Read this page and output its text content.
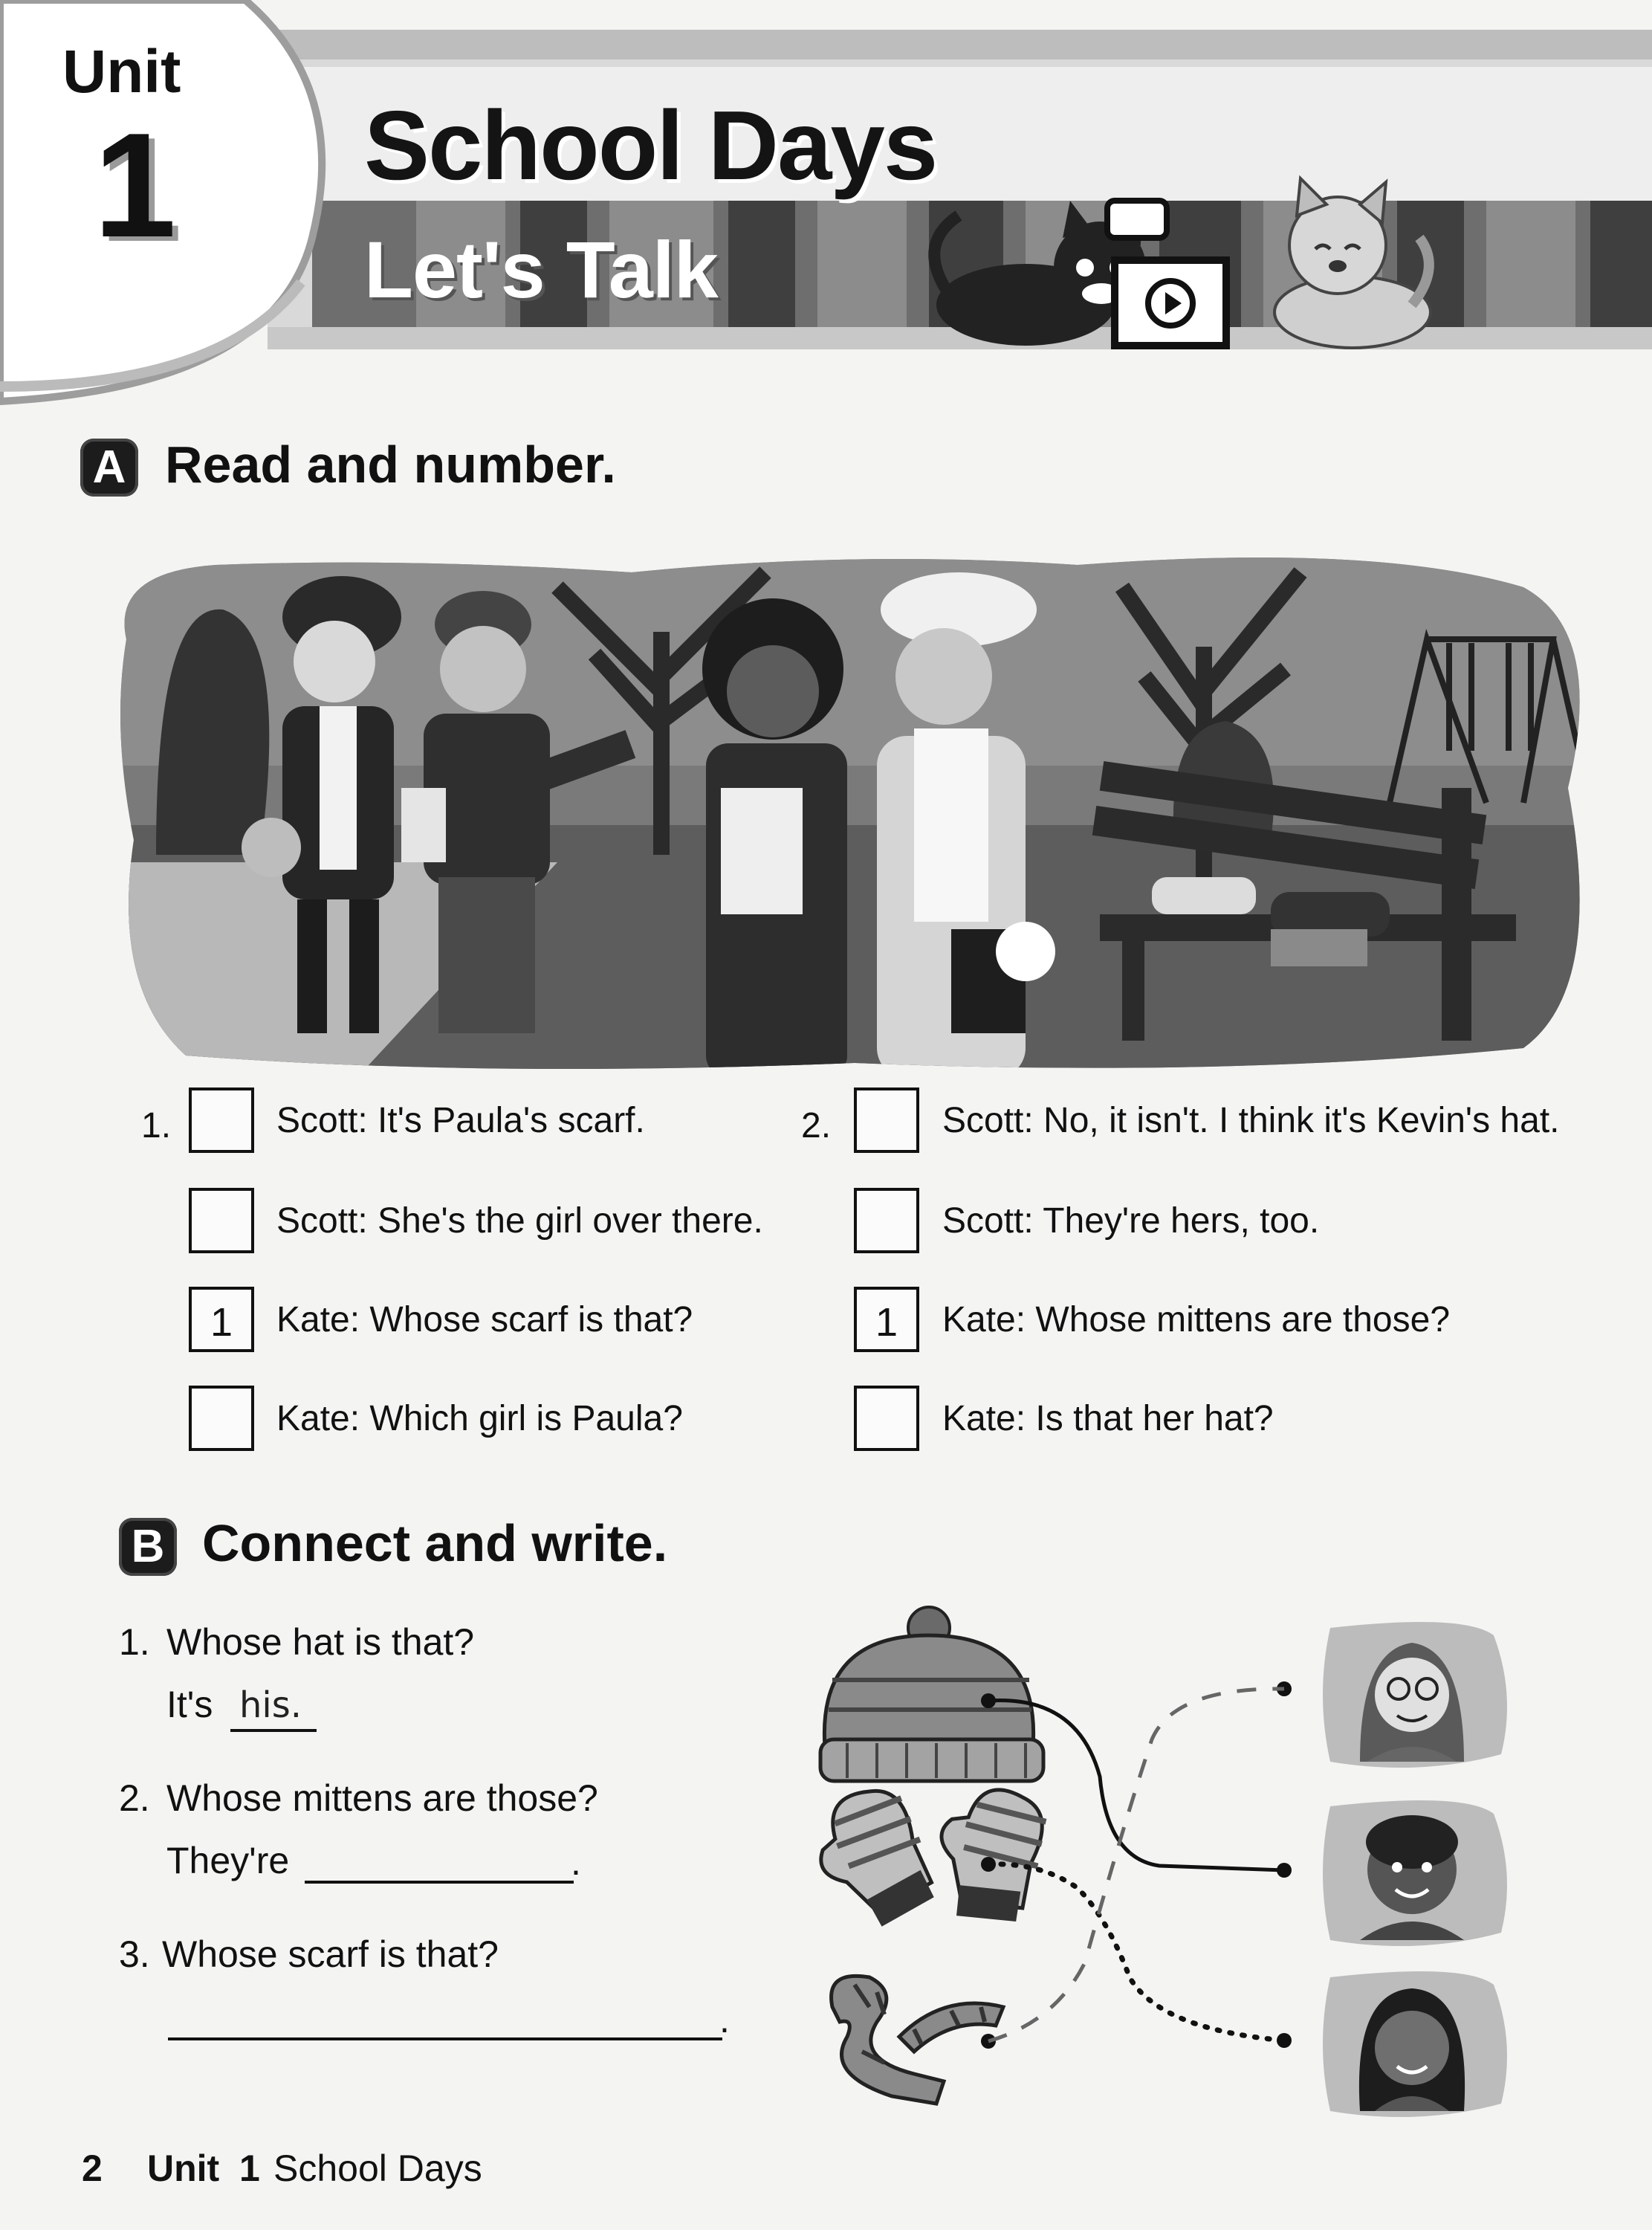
Unit
1 School Days
Let's Talk
A Read and number.
1.	Scott: It's Paula's scarf.
Scott: She's the girl over there.
1	Kate: Whose scarf is that?
Kate: Which girl is Paula?
2.	Scott: No, it isn't. I think it's Kevin's hat.
Scott: They're hers, too.
1	Kate: Whose mittens are those?
Kate: Is that her hat?
B Connect and write.
1. Whose hat is that?
It's his.
2. Whose mittens are those?
They're	.
3. Whose scarf is that?
.
2 Unit 1 School Days
